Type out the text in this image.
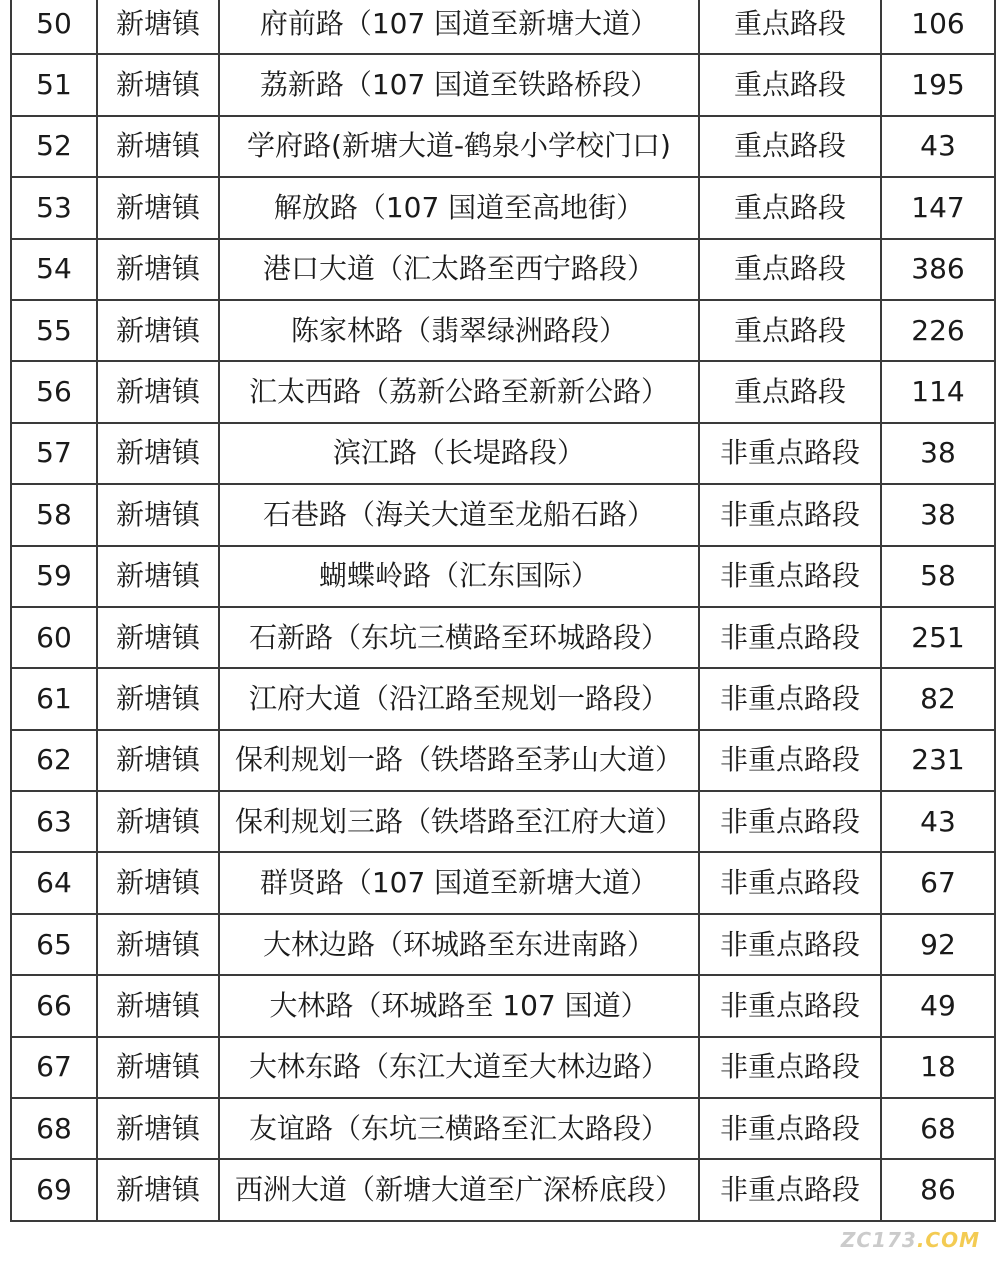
50	新塘镇	府前路（107 国道至新塘大道）	重点路段	106
51	新塘镇	荔新路（107 国道至铁路桥段）	重点路段	195
52	新塘镇	学府路(新塘大道-鹤泉小学校门口)	重点路段	43
53	新塘镇	解放路（107 国道至高地街）	重点路段	147
54	新塘镇	港口大道（汇太路至西宁路段）	重点路段	386
55	新塘镇	陈家林路（翡翠绿洲路段）	重点路段	226
56	新塘镇	汇太西路（荔新公路至新新公路）	重点路段	114
57	新塘镇	滨江路（长堤路段）	非重点路段	38
58	新塘镇	石巷路（海关大道至龙船石路）	非重点路段	38
59	新塘镇	蝴蝶岭路（汇东国际）	非重点路段	58
60	新塘镇	石新路（东坑三横路至环城路段）	非重点路段	251
61	新塘镇	江府大道（沿江路至规划一路段）	非重点路段	82
62	新塘镇	保利规划一路（铁塔路至茅山大道）	非重点路段	231
63	新塘镇	保利规划三路（铁塔路至江府大道）	非重点路段	43
64	新塘镇	群贤路（107 国道至新塘大道）	非重点路段	67
65	新塘镇	大林边路（环城路至东进南路）	非重点路段	92
66	新塘镇	大林路（环城路至 107 国道）	非重点路段	49
67	新塘镇	大林东路（东江大道至大林边路）	非重点路段	18
68	新塘镇	友谊路（东坑三横路至汇太路段）	非重点路段	68
69	新塘镇	西洲大道（新塘大道至广深桥底段）	非重点路段	86
ZC173.COM
